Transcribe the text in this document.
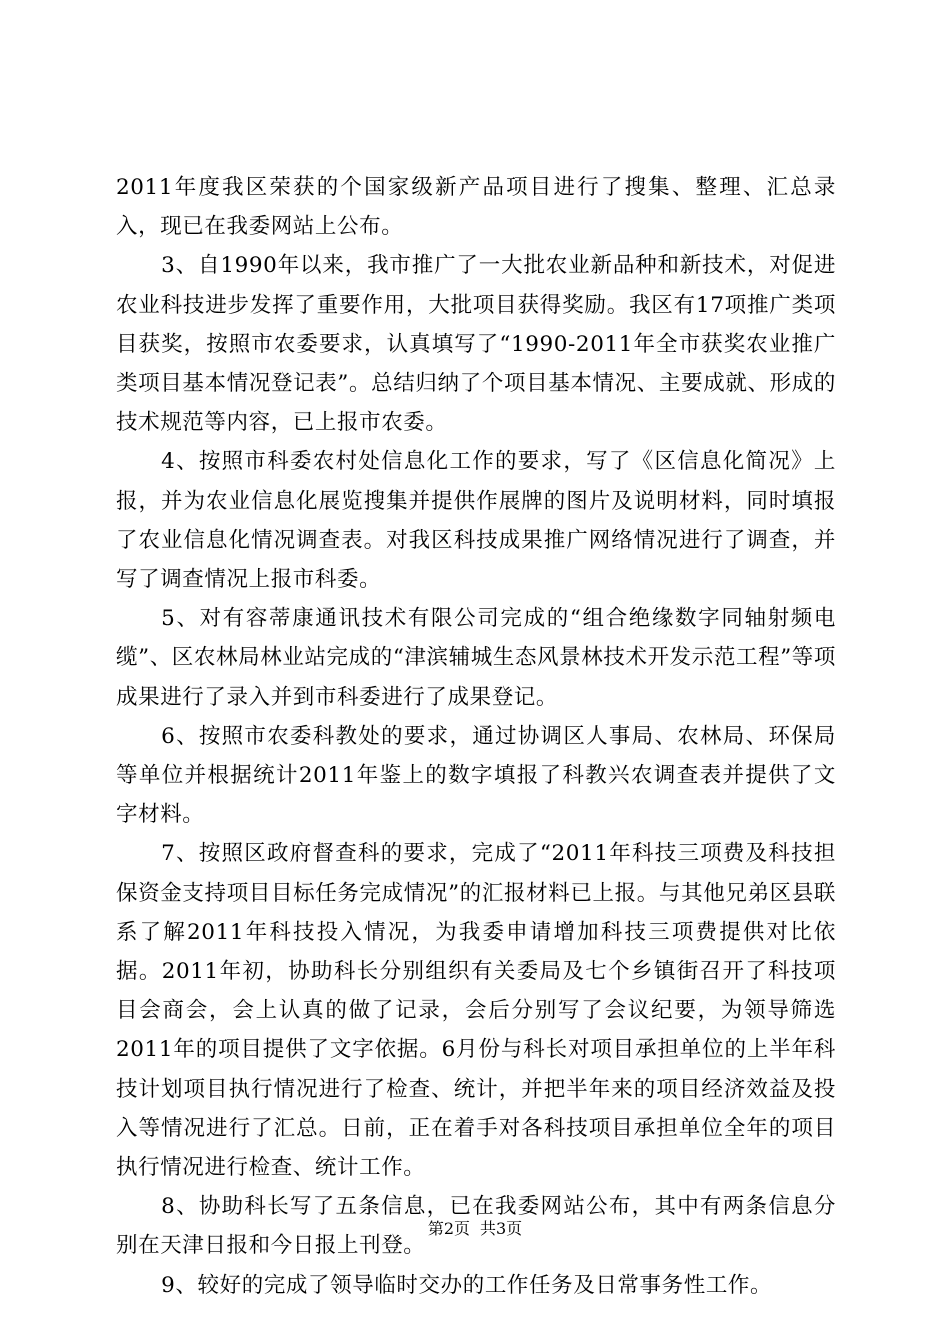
2011年度我区荣获的个国家级新产品项目进行了搜集、整理、汇总录入，现已在我委网站上公布。

3、自1990年以来，我市推广了一大批农业新品种和新技术，对促进农业科技进步发挥了重要作用，大批项目获得奖励。我区有17项推广类项目获奖，按照市农委要求，认真填写了“1990-2011年全市获奖农业推广类项目基本情况登记表”。总结归纳了个项目基本情况、主要成就、形成的技术规范等内容，已上报市农委。

4、按照市科委农村处信息化工作的要求，写了《区信息化简况》上报，并为农业信息化展览搜集并提供作展牌的图片及说明材料，同时填报了农业信息化情况调查表。对我区科技成果推广网络情况进行了调查，并写了调查情况上报市科委。

5、对有容蒂康通讯技术有限公司完成的“组合绝缘数字同轴射频电缆”、区农林局林业站完成的“津滨辅城生态风景林技术开发示范工程”等项成果进行了录入并到市科委进行了成果登记。

6、按照市农委科教处的要求，通过协调区人事局、农林局、环保局等单位并根据统计2011年鉴上的数字填报了科教兴农调查表并提供了文字材料。

7、按照区政府督查科的要求，完成了“2011年科技三项费及科技担保资金支持项目目标任务完成情况”的汇报材料已上报。与其他兄弟区县联系了解2011年科技投入情况，为我委申请增加科技三项费提供对比依据。2011年初，协助科长分别组织有关委局及七个乡镇街召开了科技项目会商会，会上认真的做了记录，会后分别写了会议纪要，为领导筛选2011年的项目提供了文字依据。6月份与科长对项目承担单位的上半年科技计划项目执行情况进行了检查、统计，并把半年来的项目经济效益及投入等情况进行了汇总。日前，正在着手对各科技项目承担单位全年的项目执行情况进行检查、统计工作。

8、协助科长写了五条信息，已在我委网站公布，其中有两条信息分别在天津日报和今日报上刊登。

9、较好的完成了领导临时交办的工作任务及日常事务性工作。

第2页 共3页
